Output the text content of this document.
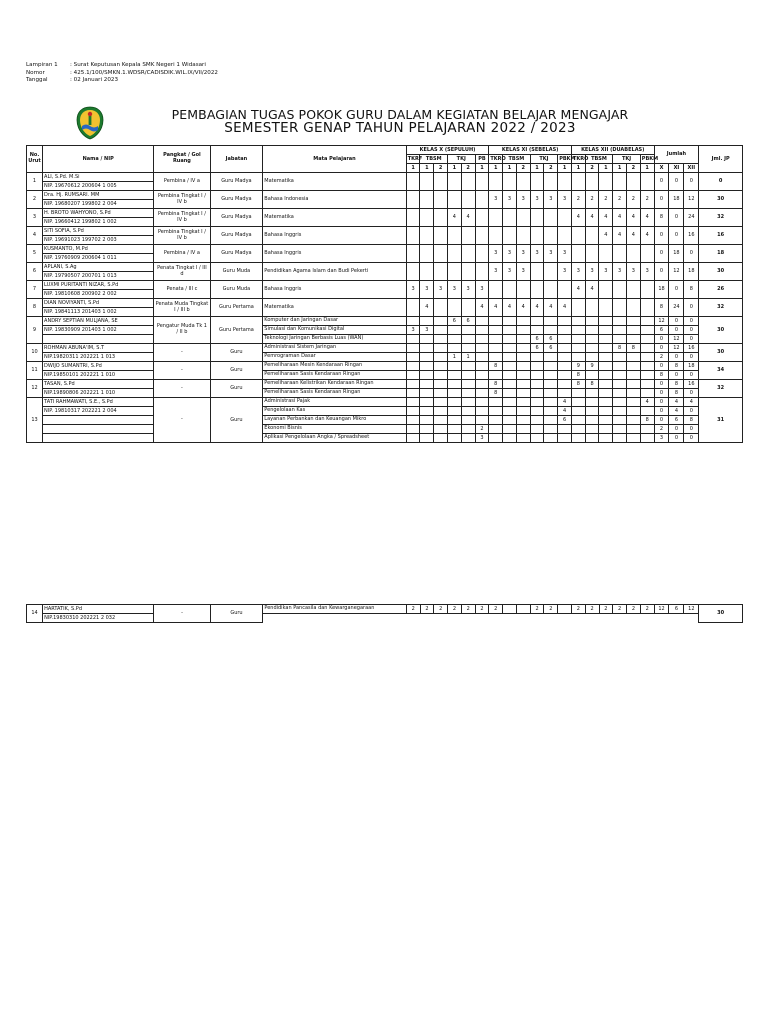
Lampiran 1	: Surat Keputusan Kepala SMK Negeri 1 Widasari
Nomor	: 425.1/100/SMKN.1.WDSR/CADISDIK.WIL.IX/VII/2022
Tanggal	: 02 Januari 2023
PEMBAGIAN TUGAS POKOK GURU DALAM KEGIATAN BELAJAR MENGAJAR
SEMESTER GENAP TAHUN PELAJARAN 2022 / 2023
No. Urut	Nama / NIP	Pangkat / Gol Ruang	Jabatan	Mata Pelajaran	KELAS X (SEPULUH)						KELAS XI (SEBELAS)						KELAS XII (DUABELAS)						Jumlah			Jml. JP
					TKRF	TBSM		TKJ		PB	TKRO	TBSM		TKJ		PBKM	TKRO	TBSM		TKJ		PBKM				
					1	1	2	1	2	1	1	1	2	1	2	1	1	2	1	1	2	1	X	XI	XII	
1	ALI, S.Pd. M.Si	Pembina / IV a	Guru Madya	Matematika																			0	0	0	0
	NIP. 19670612 200604 1 005																									
2	Dra. Hj. RUMSARI. MM	Pembina Tingkat I / IV b	Guru Madya	Bahasa Indonesia							3	3	3	3	3	3	2	2	2	2	2	2	0	18	12	30
	NIP. 19680207 199802 2 004																									
3	H. BROTO WAHYONO, S.Pd	Pembina Tingkat I / IV b	Guru Madya	Matematika				4	4								4	4	4	4	4	4	8	0	24	32
	NIP. 19660412 199802 1 002																									
4	SITI SOFIA, S.Pd	Pembina Tingkat I / IV b	Guru Madya	Bahasa Inggris															4	4	4	4	0	0	16	16
	NIP. 19691023 199702 2 003																									
5	KUSMANTO, M.Pd	Pembina / IV a	Guru Madya	Bahasa Inggris							3	3	3	3	3	3							0	18	0	18
	NIP. 19760909 200604 1 011																									
6	APLANI, S.Ag	Penata Tingkat I / III d	Guru Muda	Pendidikan Agama Islam dan Budi Pekerti							3	3	3			3	3	3	3	3	3	3	0	12	18	30
	NIP. 19790507 200701 1 013																									
7	LUXMI PURITANTI NIZAR, S.Pd	Penata / III c	Guru Muda	Bahasa Inggris	3	3	3	3	3	3							4	4					18	0	8	26
	NIP. 19810608 200902 2 002																									
8	DIAN NOVIYANTI, S.Pd	Penata Muda Tingkat I / III b	Guru Pertama	Matematika		4				4	4	4	4	4	4	4							8	24	0	32
	NIP. 19841113 201403 1 002																									
9	ANDRY SEPTIAN MULJANA, SE	Pengatur Muda Tk 1 / II b	Guru Pertama	Komputer dan Jaringan Dasar				6	6														12	0	0	30
	NIP. 19830909 201403 1 002			Simulasi dan Komunikasi Digital	3	3																	6	0	0	
				Teknologi Jaringan Berbasis Luas (WAN)										6	6								0	12	0	
10	ROHMAN ABUNA'IM, S.T	-	Guru	Administrasi Sistem Jaringan										6	6					8	8		0	12	16	30
	NIP.19820311 202221 1 013			Pemrograman Dasar				1	1														2	0	0	
11	DWIJO SUMANTRI, S.Pd	-	Guru	Pemeliharaan Mesin Kendaraan Ringan							8						9	9					0	8	18	34
	NIP.19850101 202221 1 010			Pemeliharaan Sasis Kendaraan Ringan													8						8	0	0	
12	TASAN, S.Pd	-	Guru	Pemeliharaan Kelistrikan Kendaraan Ringan							8						8	8					0	8	16	32
	NIP.19890806 202221 1 010			Pemeliharaan Sasis Kendaraan Ringan							8												0	8	0	
13	TATI RAHMAWATI, S.E., S.Pd	-	Guru	Administrasi Pajak												4						4	0	4	4	31
	NIP. 19810317 202221 2 004			Pengelolaan Kas												4							0	4	0	
				Layanan Perbankan dan Keuangan Mikro												6						8	0	6	8	
				Ekonomi Bisnis						2													2	0	0	
				Aplikasi Pengelolaan Angka / Spreadsheet						3													3	0	0	
14	HARTATIK, S.Pd	-	Guru	Pendidikan Pancasila dan Kewarganegaraan	2	2	2	2	2	2	2			2	2		2	2	2	2	2	2	12	6	12	30
NIP.19830310 202221 2 032
